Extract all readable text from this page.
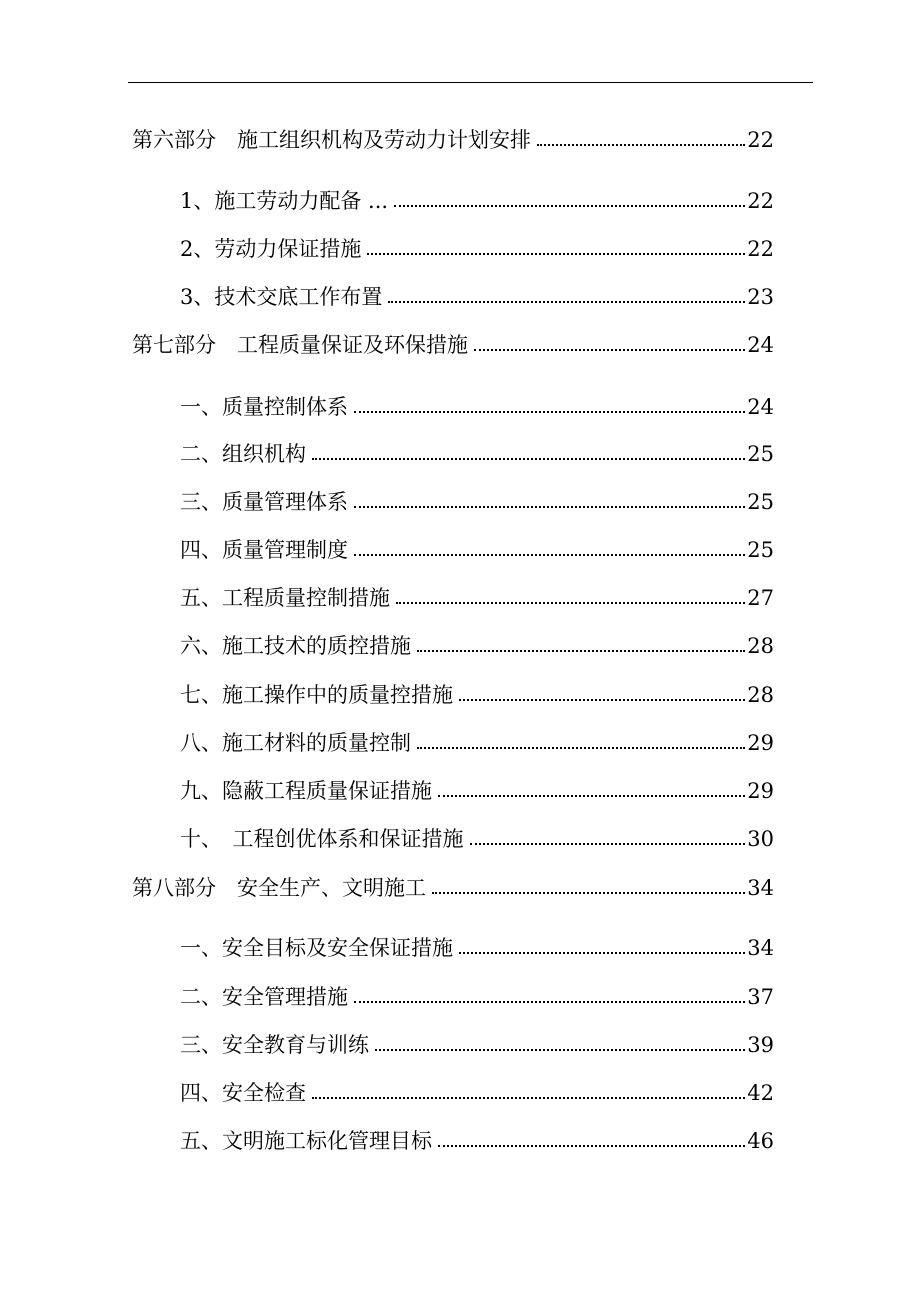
第六部分　施工组织机构及劳动力计划安排	22
1、施工劳动力配备 ...	22
2、劳动力保证措施	22
3、技术交底工作布置	23
第七部分　工程质量保证及环保措施	24
一、质量控制体系	24
二、组织机构	25
三、质量管理体系	25
四、质量管理制度	25
五、工程质量控制措施	27
六、施工技术的质控措施	28
七、施工操作中的质量控措施	28
八、施工材料的质量控制	29
九、隐蔽工程质量保证措施	29
十、　工程创优体系和保证措施	30
第八部分　安全生产、文明施工	34
一、安全目标及安全保证措施	34
二、安全管理措施	37
三、安全教育与训练	39
四、安全检查	42
五、文明施工标化管理目标	46
